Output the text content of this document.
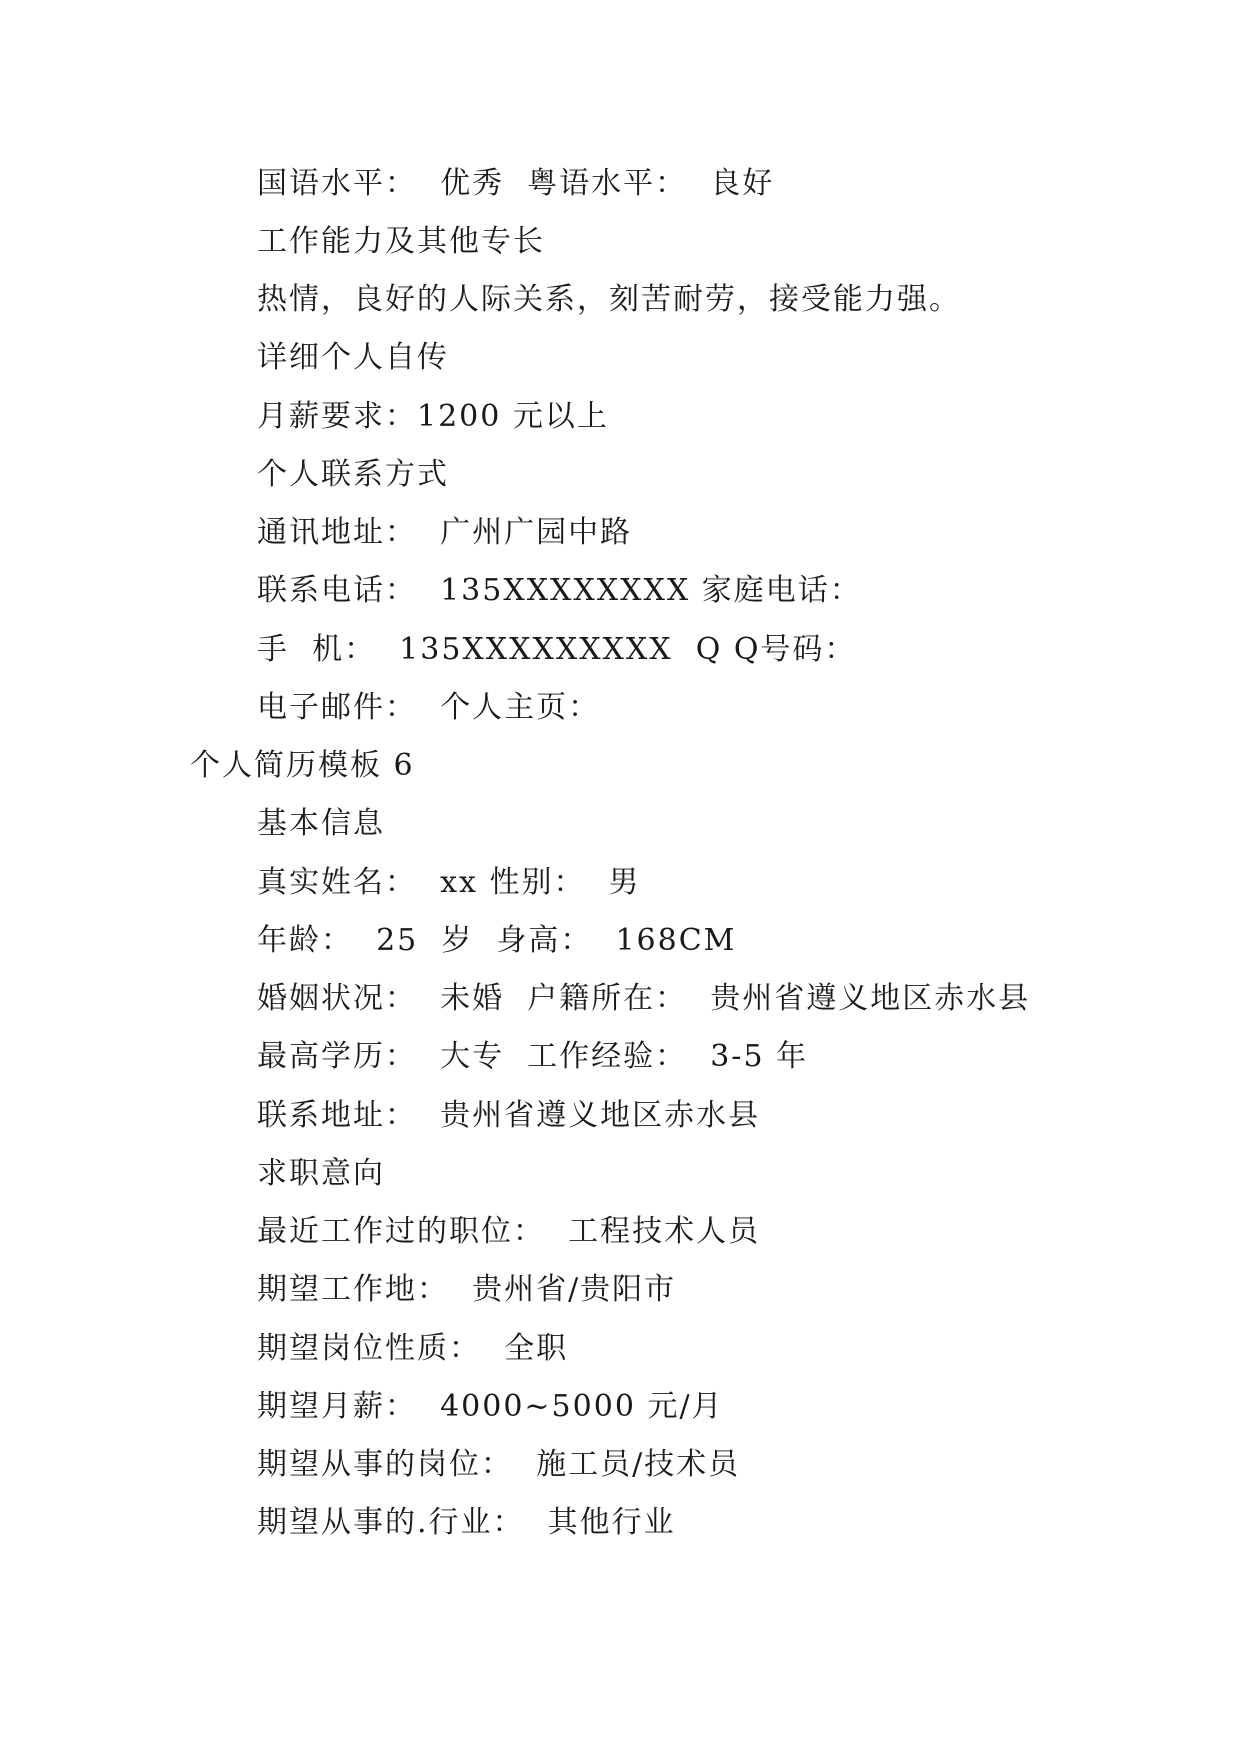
国语水平：  优秀  粤语水平：  良好
工作能力及其他专长
热情，良好的人际关系，刻苦耐劳，接受能力强。
详细个人自传
月薪要求：1200 元以上
个人联系方式
通讯地址：  广州广园中路
联系电话：  135XXXXXXXX 家庭电话：
手  机：  135XXXXXXXXX  Q Q号码：
电子邮件：  个人主页：
个人简历模板 6
基本信息
真实姓名：  xx 性别：  男
年龄：  25  岁  身高：  168CM
婚姻状况：  未婚  户籍所在：  贵州省遵义地区赤水县
最高学历：  大专  工作经验：  3-5 年
联系地址：  贵州省遵义地区赤水县
求职意向
最近工作过的职位：  工程技术人员
期望工作地：  贵州省/贵阳市
期望岗位性质：  全职
期望月薪：  4000~5000 元/月
期望从事的岗位：  施工员/技术员
期望从事的.行业：  其他行业
